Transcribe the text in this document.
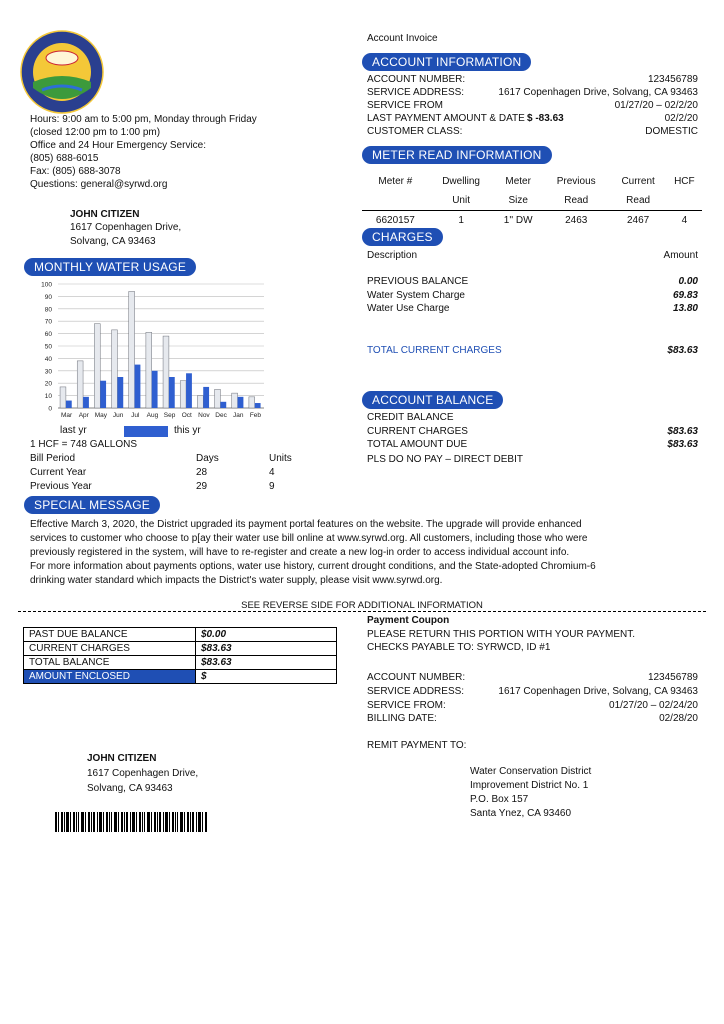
Account Invoice
Hours: 9:00 am to 5:00 pm, Monday through Friday
(closed 12:00 pm to 1:00 pm)
Office and 24 Hour Emergency Service:
(805) 688-6015
Fax: (805) 688-3078
Questions: general@syrwd.org
JOHN CITIZEN
1617 Copenhagen Drive,
Solvang, CA 93463
ACCOUNT INFORMATION
ACCOUNT NUMBER:	123456789
SERVICE ADDRESS:	1617 Copenhagen Drive, Solvang, CA 93463
SERVICE FROM	01/27/20 – 02/2/20
LAST PAYMENT AMOUNT & DATE $ -83.63	02/2/20
CUSTOMER CLASS:	DOMESTIC
METER READ INFORMATION
Meter #	Dwelling	Meter	Previous	Current	HCF
	Unit	Size	Read	Read	
6620157	1	1'' DW	2463	2467	4
CHARGES
Description	Amount
PREVIOUS BALANCE	0.00
Water System Charge	69.83
Water Use Charge	13.80
TOTAL CURRENT CHARGES	$83.63
ACCOUNT BALANCE
CREDIT BALANCE
CURRENT CHARGES	$83.63
TOTAL AMOUNT DUE	$83.63
PLS DO NO PAY – DIRECT DEBIT
MONTHLY WATER USAGE
0
10
20
30
40
50
60
70
80
90
100
Mar Apr May Jun Jul Aug Sep Oct Nov Dec Jan Feb
last yr	this yr
1 HCF = 748 GALLONS
Bill Period	Days	Units
Current Year	28	4
Previous Year	29	9
SPECIAL MESSAGE
Effective March 3, 2020, the District upgraded its payment portal features on the website. The upgrade will provide enhanced
services to customer who choose to p[ay their water use bill online at www.syrwd.org. All customers, including those who were
previously registered in the system, will have to re-register and create a new log-in order to access individual account info.
For more information about payments options, water use history, current drought conditions, and the State-adopted Chromium-6
drinking water standard which impacts the District's water supply, please visit www.syrwd.org.
SEE REVERSE SIDE FOR ADDITIONAL INFORMATION
PAST DUE BALANCE	$0.00
CURRENT CHARGES	$83.63
TOTAL BALANCE	$83.63
AMOUNT ENCLOSED	$
Payment Coupon
PLEASE RETURN THIS PORTION WITH YOUR PAYMENT.
CHECKS PAYABLE TO: SYRWCD, ID #1
ACCOUNT NUMBER:	123456789
SERVICE ADDRESS:	1617 Copenhagen Drive, Solvang, CA 93463
SERVICE FROM:	01/27/20 – 02/24/20
BILLING DATE:	02/28/20
REMIT PAYMENT TO:
Water Conservation District
Improvement District No. 1
P.O. Box 157
Santa Ynez, CA 93460
JOHN CITIZEN
1617 Copenhagen Drive,
Solvang, CA 93463
